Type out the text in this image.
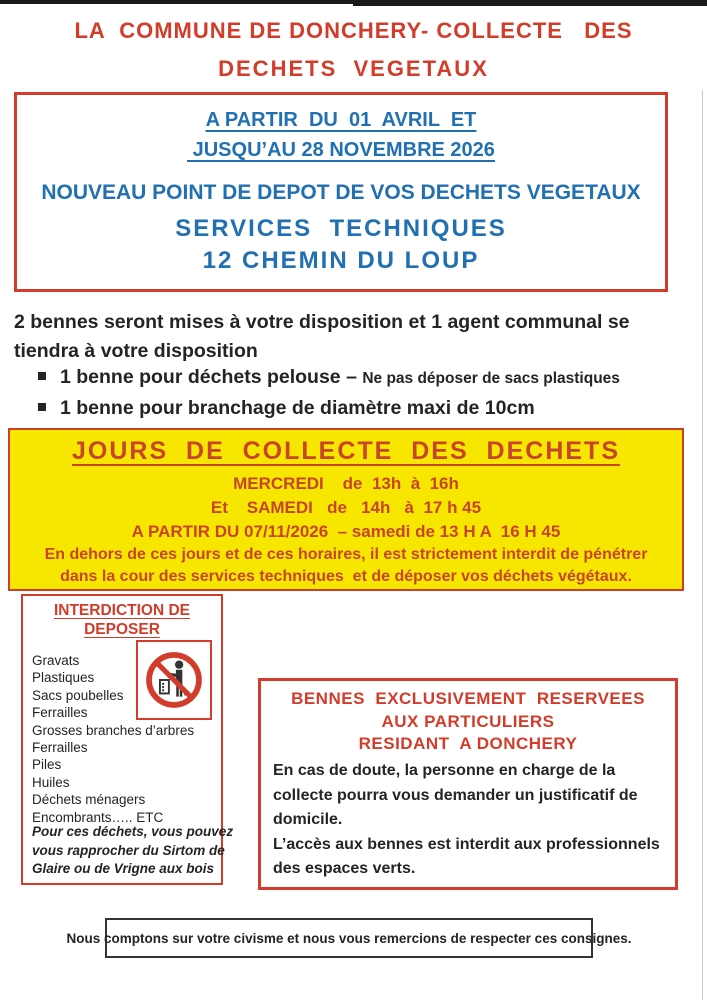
LA  COMMUNE DE DONCHERY- COLLECTE   DES
DECHETS  VEGETAUX
A PARTIR  DU  01  AVRIL  ET
JUSQU’AU 28 NOVEMBRE 2026
NOUVEAU POINT DE DEPOT DE VOS DECHETS VEGETAUX
SERVICES  TECHNIQUES
12 CHEMIN DU LOUP
2 bennes seront mises à votre disposition et 1 agent communal se
tiendra à votre disposition
1 benne pour déchets pelouse – Ne pas déposer de sacs plastiques
1 benne pour branchage de diamètre maxi de 10cm
JOURS  DE  COLLECTE  DES  DECHETS
MERCREDI    de  13h  à  16h
Et    SAMEDI   de   14h   à  17 h 45
A PARTIR DU 07/11/2026  – samedi de 13 H A  16 H 45
En dehors de ces jours et de ces horaires, il est strictement interdit de pénétrer
dans la cour des services techniques  et de déposer vos déchets végétaux.
INTERDICTION DE
DEPOSER
Gravats
Plastiques
Sacs poubelles
Ferrailles
Grosses branches d’arbres
Ferrailles
Piles
Huiles
Déchets ménagers
Encombrants….. ETC
Pour ces déchets, vous pouvez
vous rapprocher du Sirtom de
Glaire ou de Vrigne aux bois
BENNES  EXCLUSIVEMENT  RESERVEES
AUX PARTICULIERS
RESIDANT  A DONCHERY
En cas de doute, la personne en charge de la
collecte pourra vous demander un justificatif de
domicile.
L’accès aux bennes est interdit aux professionnels
des espaces verts.
Nous comptons sur votre civisme et nous vous remercions de respecter ces consignes.
